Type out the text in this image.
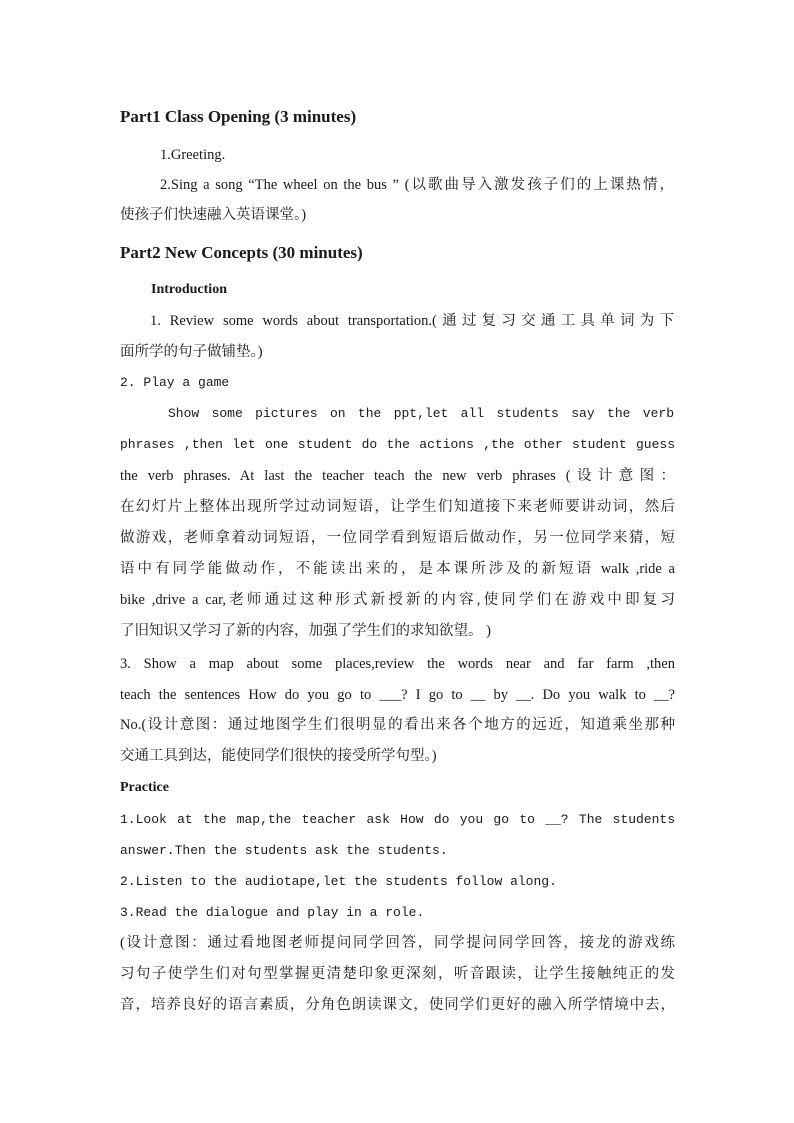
Part1 Class Opening (3 minutes)
1.Greeting.
2.Sing a song “The wheel on the bus ” (以歌曲导入激发孩子们的上课热情，
使孩子们快速融入英语课堂。)
Part2 New Concepts (30 minutes)
Introduction
1. Review some words about transportation.(通过复习交通工具单词为下
面所学的句子做铺垫。)
2. Play a game
Show some pictures on the ppt,let all students say the verb
phrases ,then let one student do the actions ,the other student guess
the verb phrases. At last the teacher teach the new verb phrases (设计意图：
在幻灯片上整体出现所学过动词短语，让学生们知道接下来老师要讲动词，然后
做游戏，老师拿着动词短语，一位同学看到短语后做动作，另一位同学来猜，短
语中有同学能做动作，不能读出来的，是本课所涉及的新短语 walk ,ride a
bike ,drive a car,老师通过这种形式新授新的内容,使同学们在游戏中即复习
了旧知识又学习了新的内容，加强了学生们的求知欲望。 )
3. Show a map about some places,review the words near and far farm ,then
teach the sentences How do you go to ___? I go to __ by __. Do you walk to __?
No.(设计意图：通过地图学生们很明显的看出来各个地方的远近，知道乘坐那种
交通工具到达，能使同学们很快的接受所学句型。)
Practice
1.Look at the map,the teacher ask How do you go to __? The students
answer.Then the students ask the students.
2.Listen to the audiotape,let the students follow along.
3.Read the dialogue and play in a role.
(设计意图：通过看地图老师提问同学回答，同学提问同学回答，接龙的游戏练
习句子使学生们对句型掌握更清楚印象更深刻，听音跟读，让学生接触纯正的发
音，培养良好的语言素质，分角色朗读课文，使同学们更好的融入所学情境中去，
